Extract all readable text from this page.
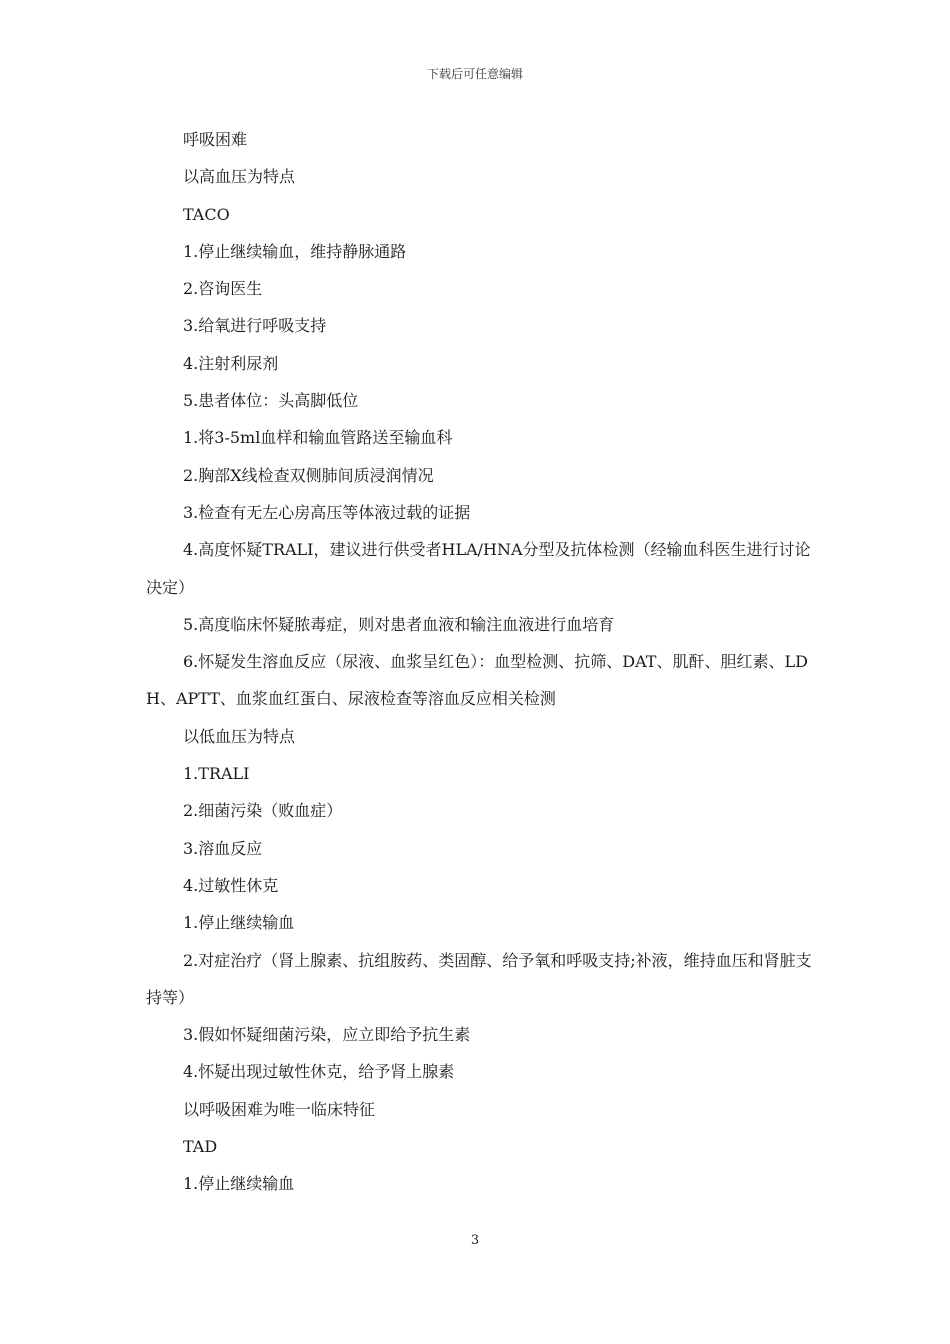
下载后可任意编辑

呼吸困难

以高血压为特点

TACO

1.停止继续输血，维持静脉通路

2.咨询医生

3.给氧进行呼吸支持

4.注射利尿剂

5.患者体位：头高脚低位

1.将3-5ml血样和输血管路送至输血科

2.胸部X线检查双侧肺间质浸润情况

3.检查有无左心房高压等体液过载的证据

4.高度怀疑TRALI，建议进行供受者HLA/HNA分型及抗体检测（经输血科医生进行讨论决定）

5.高度临床怀疑脓毒症，则对患者血液和输注血液进行血培育

6.怀疑发生溶血反应（尿液、血浆呈红色）：血型检测、抗筛、DAT、肌酐、胆红素、LDH、APTT、血浆血红蛋白、尿液检查等溶血反应相关检测

以低血压为特点

1.TRALI

2.细菌污染（败血症）

3.溶血反应

4.过敏性休克

1.停止继续输血

2.对症治疗（肾上腺素、抗组胺药、类固醇、给予氧和呼吸支持;补液，维持血压和肾脏支持等）

3.假如怀疑细菌污染，应立即给予抗生素

4.怀疑出现过敏性休克，给予肾上腺素

以呼吸困难为唯一临床特征

TAD

1.停止继续输血

3
